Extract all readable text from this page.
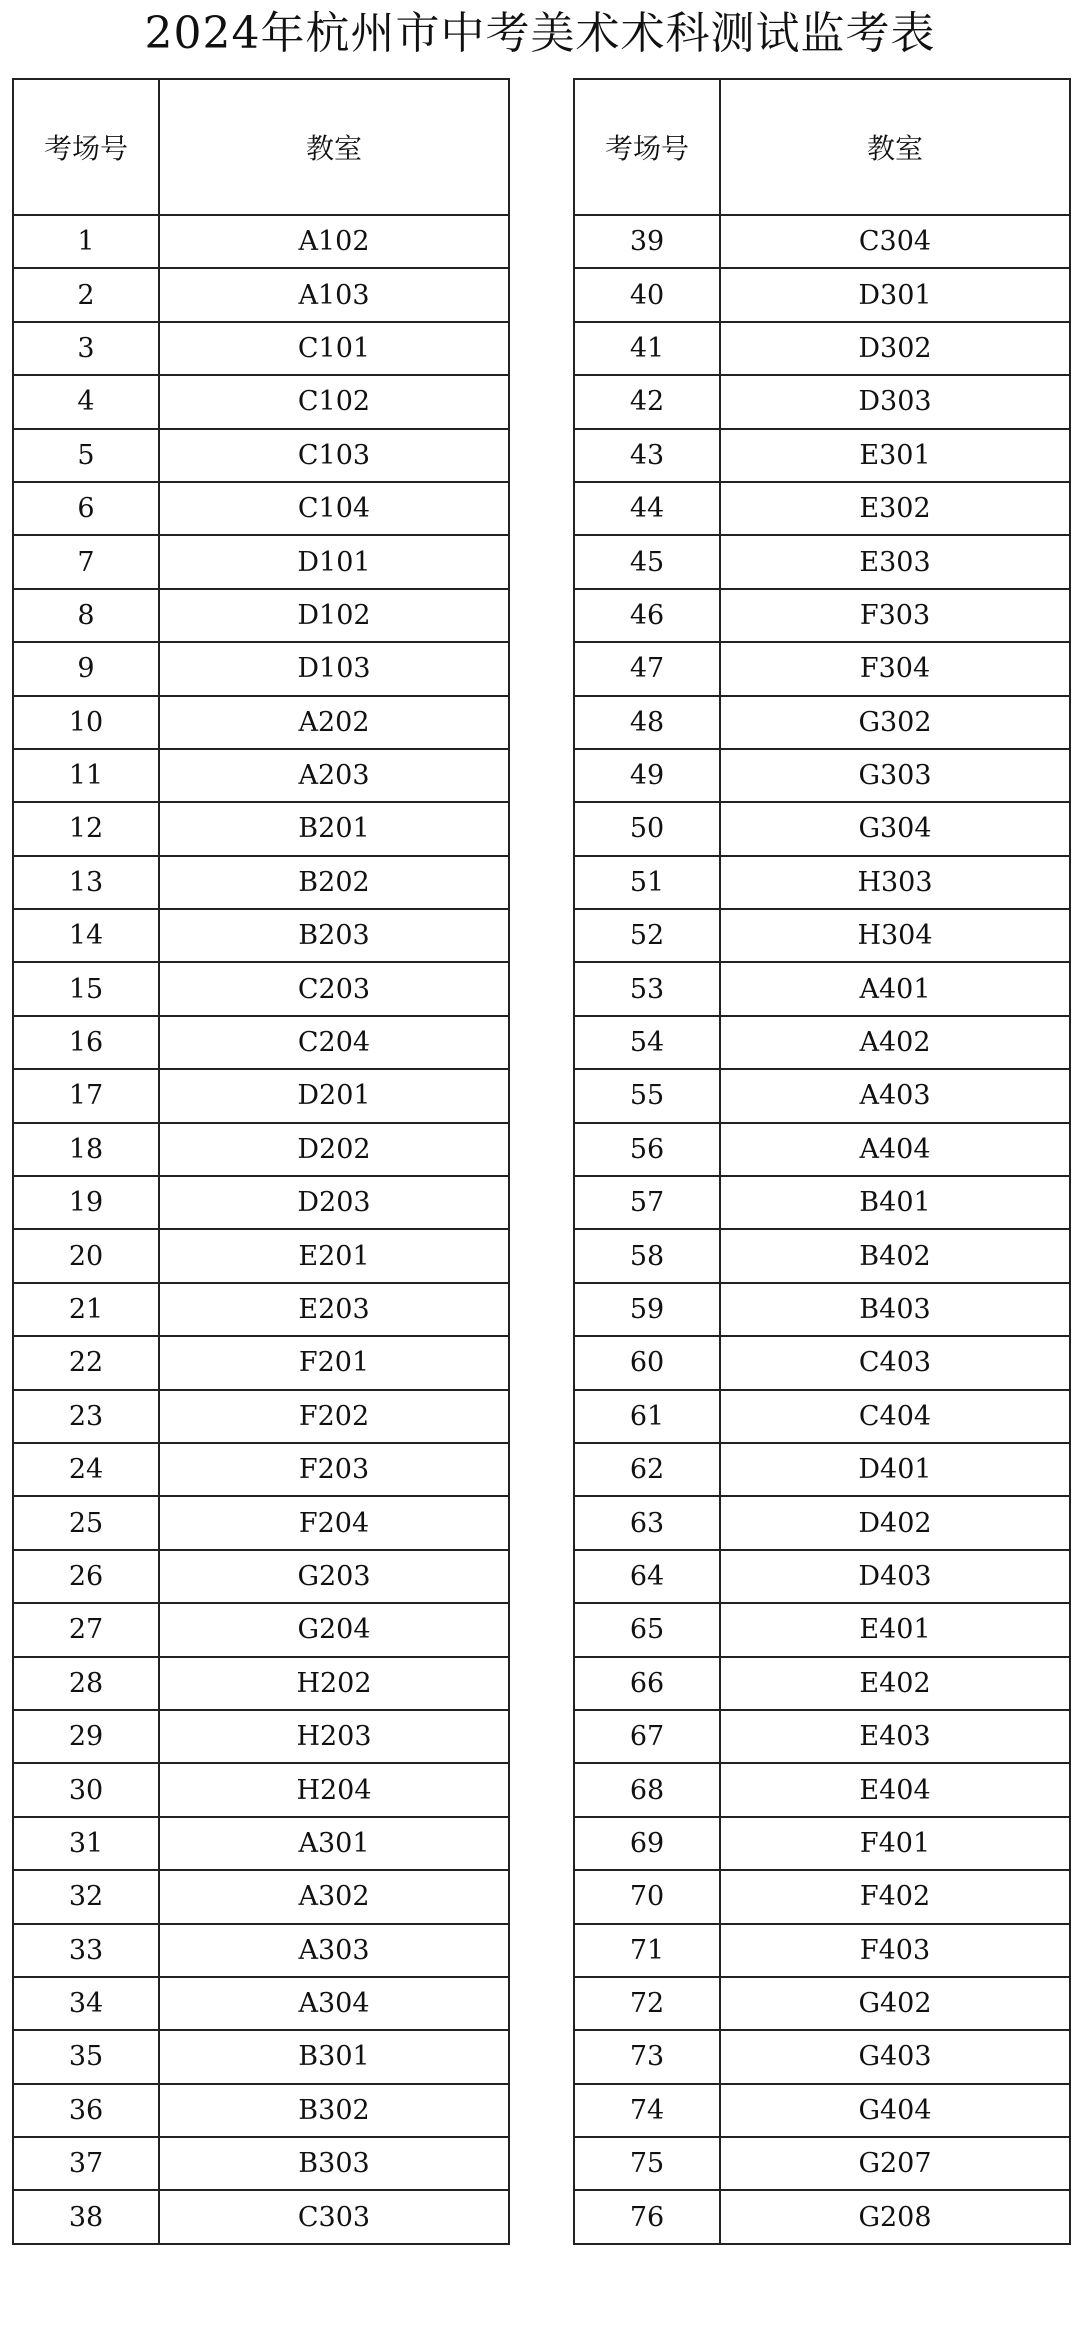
2024年杭州市中考美术术科测试监考表
考场号	教室
1	A102
2	A103
3	C101
4	C102
5	C103
6	C104
7	D101
8	D102
9	D103
10	A202
11	A203
12	B201
13	B202
14	B203
15	C203
16	C204
17	D201
18	D202
19	D203
20	E201
21	E203
22	F201
23	F202
24	F203
25	F204
26	G203
27	G204
28	H202
29	H203
30	H204
31	A301
32	A302
33	A303
34	A304
35	B301
36	B302
37	B303
38	C303
考场号	教室
39	C304
40	D301
41	D302
42	D303
43	E301
44	E302
45	E303
46	F303
47	F304
48	G302
49	G303
50	G304
51	H303
52	H304
53	A401
54	A402
55	A403
56	A404
57	B401
58	B402
59	B403
60	C403
61	C404
62	D401
63	D402
64	D403
65	E401
66	E402
67	E403
68	E404
69	F401
70	F402
71	F403
72	G402
73	G403
74	G404
75	G207
76	G208
